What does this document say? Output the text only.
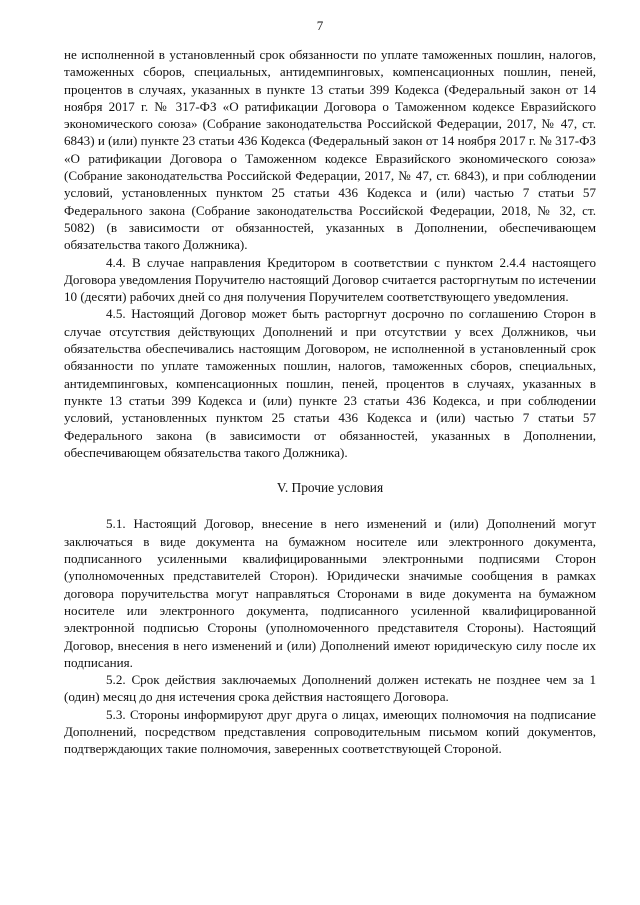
7

не исполненной в установленный срок обязанности по уплате таможенных пошлин, налогов, таможенных сборов, специальных, антидемпинговых, компенсационных пошлин, пеней, процентов в случаях, указанных в пункте 13 статьи 399 Кодекса (Федеральный закон от 14 ноября 2017 г. № 317-ФЗ «О ратификации Договора о Таможенном кодексе Евразийского экономического союза» (Собрание законодательства Российской Федерации, 2017, № 47, ст. 6843) и (или) пункте 23 статьи 436 Кодекса (Федеральный закон от 14 ноября 2017 г. № 317-ФЗ «О ратификации Договора о Таможенном кодексе Евразийского экономического союза» (Собрание законодательства Российской Федерации, 2017, № 47, ст. 6843), и при соблюдении условий, установленных пунктом 25 статьи 436 Кодекса и (или) частью 7 статьи 57 Федерального закона (Собрание законодательства Российской Федерации, 2018, № 32, ст. 5082) (в зависимости от обязанностей, указанных в Дополнении, обеспечивающем обязательства такого Должника).

4.4. В случае направления Кредитором в соответствии с пунктом 2.4.4 настоящего Договора уведомления Поручителю настоящий Договор считается расторгнутым по истечении 10 (десяти) рабочих дней со дня получения Поручителем соответствующего уведомления.

4.5. Настоящий Договор может быть расторгнут досрочно по соглашению Сторон в случае отсутствия действующих Дополнений и при отсутствии у всех Должников, чьи обязательства обеспечивались настоящим Договором, не исполненной в установленный срок обязанности по уплате таможенных пошлин, налогов, таможенных сборов, специальных, антидемпинговых, компенсационных пошлин, пеней, процентов в случаях, указанных в пункте 13 статьи 399 Кодекса и (или) пункте 23 статьи 436 Кодекса, и при соблюдении условий, установленных пунктом 25 статьи 436 Кодекса и (или) частью 7 статьи 57 Федерального закона (в зависимости от обязанностей, указанных в Дополнении, обеспечивающем обязательства такого Должника).

V. Прочие условия

5.1. Настоящий Договор, внесение в него изменений и (или) Дополнений могут заключаться в виде документа на бумажном носителе или электронного документа, подписанного усиленными квалифицированными электронными подписями Сторон (уполномоченных представителей Сторон). Юридически значимые сообщения в рамках договора поручительства могут направляться Сторонами в виде документа на бумажном носителе или электронного документа, подписанного усиленной квалифицированной электронной подписью Стороны (уполномоченного представителя Стороны). Настоящий Договор, внесения в него изменений и (или) Дополнений имеют юридическую силу после их подписания.

5.2. Срок действия заключаемых Дополнений должен истекать не позднее чем за 1 (один) месяц до дня истечения срока действия настоящего Договора.

5.3. Стороны информируют друг друга о лицах, имеющих полномочия на подписание Дополнений, посредством представления сопроводительным письмом копий документов, подтверждающих такие полномочия, заверенных соответствующей Стороной.
